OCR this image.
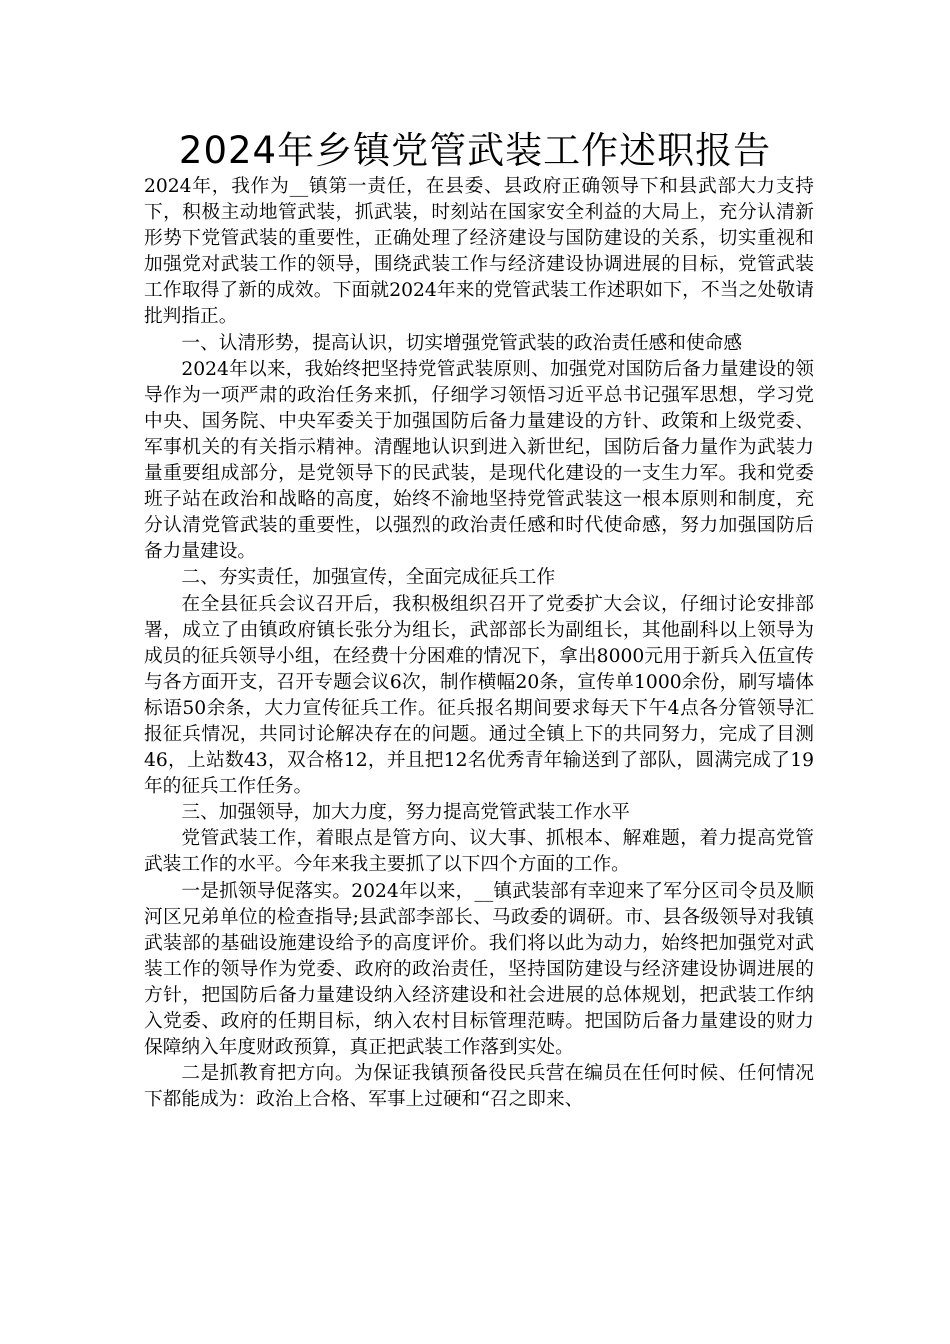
2024年乡镇党管武装工作述职报告

2024年，我作为__镇第一责任，在县委、县政府正确领导下和县武部大力支持下，积极主动地管武装，抓武装，时刻站在国家安全利益的大局上，充分认清新形势下党管武装的重要性，正确处理了经济建设与国防建设的关系，切实重视和加强党对武装工作的领导，围绕武装工作与经济建设协调进展的目标，党管武装工作取得了新的成效。下面就2024年来的党管武装工作述职如下，不当之处敬请批判指正。

一、认清形势，提高认识，切实增强党管武装的政治责任感和使命感

2024年以来，我始终把坚持党管武装原则、加强党对国防后备力量建设的领导作为一项严肃的政治任务来抓，仔细学习领悟习近平总书记强军思想，学习党中央、国务院、中央军委关于加强国防后备力量建设的方针、政策和上级党委、军事机关的有关指示精神。清醒地认识到进入新世纪，国防后备力量作为武装力量重要组成部分，是党领导下的民武装，是现代化建设的一支生力军。我和党委班子站在政治和战略的高度，始终不渝地坚持党管武装这一根本原则和制度，充分认清党管武装的重要性，以强烈的政治责任感和时代使命感，努力加强国防后备力量建设。

二、夯实责任，加强宣传，全面完成征兵工作

在全县征兵会议召开后，我积极组织召开了党委扩大会议，仔细讨论安排部署，成立了由镇政府镇长张分为组长，武部部长为副组长，其他副科以上领导为成员的征兵领导小组，在经费十分困难的情况下，拿出8000元用于新兵入伍宣传与各方面开支，召开专题会议6次，制作横幅20条，宣传单1000余份，刷写墙体标语50余条，大力宣传征兵工作。征兵报名期间要求每天下午4点各分管领导汇报征兵情况，共同讨论解决存在的问题。通过全镇上下的共同努力，完成了目测46，上站数43，双合格12，并且把12名优秀青年输送到了部队，圆满完成了19年的征兵工作任务。

三、加强领导，加大力度，努力提高党管武装工作水平

党管武装工作，着眼点是管方向、议大事、抓根本、解难题，着力提高党管武装工作的水平。今年来我主要抓了以下四个方面的工作。

一是抓领导促落实。2024年以来，__镇武装部有幸迎来了军分区司令员及顺河区兄弟单位的检查指导;县武部李部长、马政委的调研。市、县各级领导对我镇武装部的基础设施建设给予的高度评价。我们将以此为动力，始终把加强党对武装工作的领导作为党委、政府的政治责任，坚持国防建设与经济建设协调进展的方针，把国防后备力量建设纳入经济建设和社会进展的总体规划，把武装工作纳入党委、政府的任期目标，纳入农村目标管理范畴。把国防后备力量建设的财力保障纳入年度财政预算，真正把武装工作落到实处。

二是抓教育把方向。为保证我镇预备役民兵营在编员在任何时候、任何情况下都能成为：政治上合格、军事上过硬和“召之即来、
